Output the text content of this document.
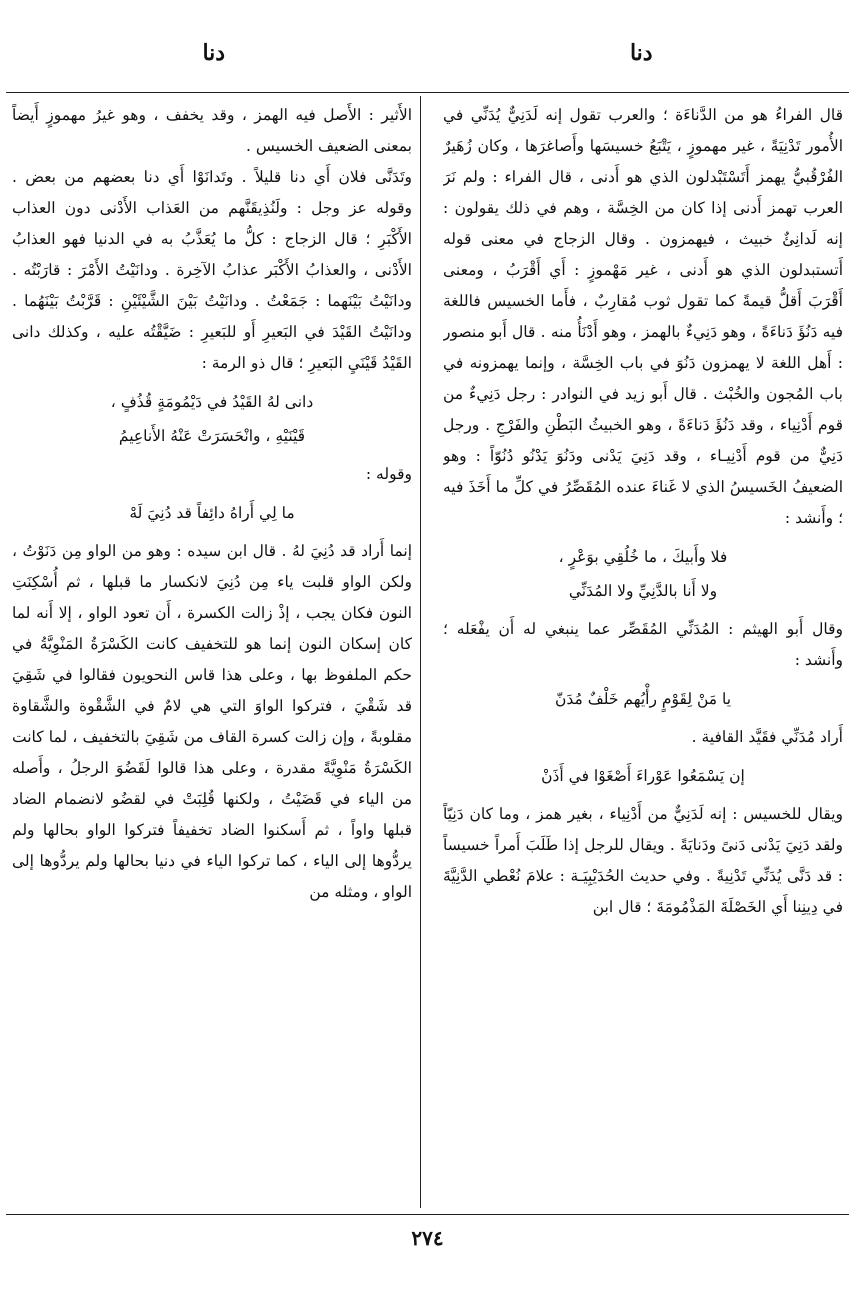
دنا
دنا

قال الفراءُ هو من الدَّناءَة ؛ والعرب تقول إنه لَدَنِيٌّ يُدَنِّي في الأُمور تَدْنِيَةً ، غير مهموزٍ ، يَتْبَعُ خسيسَها وأَصاغرَها ، وكان زُهَيرٌ الفُرْقُبيُّ يهمز أَتَسْتَبْدلون الذي هو أَدنى ، قال الفراء : ولم نَرَ العرب تهمز أَدنى إذا كان من الخِسَّة ، وهم في ذلك يقولون : إنه لَدانِئٌ خبيث ، فيهمزون . وقال الزجاج في معنى قوله أَتستبدلون الذي هو أَدنى ، غير مَهْموزٍ : أَي أَقْرَبُ ، ومعنى أَقْرَبَ أَقلُّ قيمةً كما تقول ثوب مُقارِبٌ ، فأَما الخسيس فاللغة فيه دَنُؤَ دَناءَةً ، وهو دَنِيءٌ بالهمز ، وهو أَدْنَأُ منه . قال أَبو منصور : أَهل اللغة لا يهمزون دَنُوَ في باب الخِسَّة ، وإنما يهمزونه في باب المُجون والخُبْث . قال أَبو زيد في النوادر : رجل دَنِيءٌ من قوم أَدْنِياء ، وقد دَنُؤَ دَناءَةً ، وهو الخبيثُ البَطْنِ والفَرْجِ . ورجل دَنِيٌّ من قوم أَدْنِيـاء ، وقد دَنِيَ يَدْنى ودَنُوَ يَدْنُو دُنُوّاً : وهو الضعيفُ الخَسيسُ الذي لا غَناءَ عنده المُقَصِّرُ في كلِّ ما أَخَذَ فيه ؛ وأَنشد :

فلا وأَبيكَ ، ما خُلُقِي بوَعْرٍ ،
ولا أَنا بالدَّنِيِّ ولا المُدَنِّي

وقال أَبو الهيثم : المُدَنِّي المُقَصِّر عما ينبغي له أَن يفْعَله ؛ وأَنشد :

يا مَنْ لِقَوْمٍ رأْيُهم خَلْفٌ مُدَنّ

أَراد مُدَنِّي فقَيَّد القافية .

إن يَسْمَعُوا عَوْراءَ أَصْغَوْا في أَذَنْ

ويقال للخسيس : إنه لَدَنِيٌّ من أَدْنِياء ، بغير همز ، وما كان دَنِيّاً ولقد دَنِيَ يَدْنى دَنىً ودَنايَةً . ويقال للرجل إذا طَلَبَ أَمراً خسيساً : قد دَنَّى يُدَنِّي تَدْنِيةً . وفي حديث الحُدَيْبِيَـة : علامَ نُعْطي الدَّنِيَّةَ في دِينِنا أَي الخَصْلَةَ المَذْمُومَةَ ؛ قال ابن

الأَثير : الأَصل فيه الهمز ، وقد يخفف ، وهو غيرُ مهموزٍ أَيضاً بمعنى الضعيف الخسيس .

وتَدَنَّى فلان أَي دنا قليلاً . وتَدانَوْا أَي دنا بعضهم من بعض . وقوله عز وجل : ولَنُذِيقَنَّهم من العَذاب الأَدْنى دون العذاب الأَكْبَرِ ؛ قال الزجاج : كلُّ ما يُعَذَّبُ به في الدنيا فهو العذابُ الأَدْنى ، والعذابُ الأَكْبَر عذابُ الآخِرة . ودانَيْتُ الأَمْرَ : قارَبْتُه . ودانَيْتُ بَيْنَهما : جَمَعْتُ . ودانَيْتُ بَيْنَ الشَّيْئَيْنِ : قَرَّبْتُ بَيْنَهُما . ودانَيْتُ القَيْدَ في البَعيرِ أَو للبَعيرِ : ضَيَّقْتُه عليه ، وكذلك دانى القَيْدُ قَيْنَيِ البَعيرِ ؛ قال ذو الرمة :

دانى لهُ القَيْدُ في دَيْمُومَةٍ قُذُفٍ ،
قَيْنَيْهِ ، وانْحَسَرَتْ عَنْهُ الأَناعِيمُ

وقوله :

ما لِي أَراهُ دائِفاً قد دُنِيَ لَهْ

إنما أَراد قد دُنِيَ لهُ . قال ابن سيده : وهو من الواو مِن دَنَوْتُ ، ولكن الواو قلبت ياء مِن دُنِيَ لانكسار ما قبلها ، ثم أُسْكِنَتِ النون فكان يجب ، إذْ زالت الكسرة ، أَن تعود الواو ، إلا أَنه لما كان إسكان النون إنما هو للتخفيف كانت الكَسْرَةُ المَنْوِيَّةُ في حكم الملفوظ بها ، وعلى هذا قاس النحويون فقالوا في شَقِيَ قد شَقْيَ ، فتركوا الواوَ التي هي لامٌ في الشَّقْوة والشَّقاوة مقلوبةً ، وإن زالت كسرة القاف من شَقِيَ بالتخفيف ، لما كانت الكَسْرَةُ مَنْوِيَّةً مقدرة ، وعلى هذا قالوا لَقَضُوَ الرجلُ ، وأَصله من الياء في قَضَيْتُ ، ولكنها قُلِبَتْ في لقضُو لانضمام الضاد قبلها واواً ، ثم أَسكنوا الضاد تخفيفاً فتركوا الواو بحالها ولم يردُّوها إلى الياء ، كما تركوا الياء في دنيا بحالها ولم يردُّوها إلى الواو ، ومثله من

٢٧٤
